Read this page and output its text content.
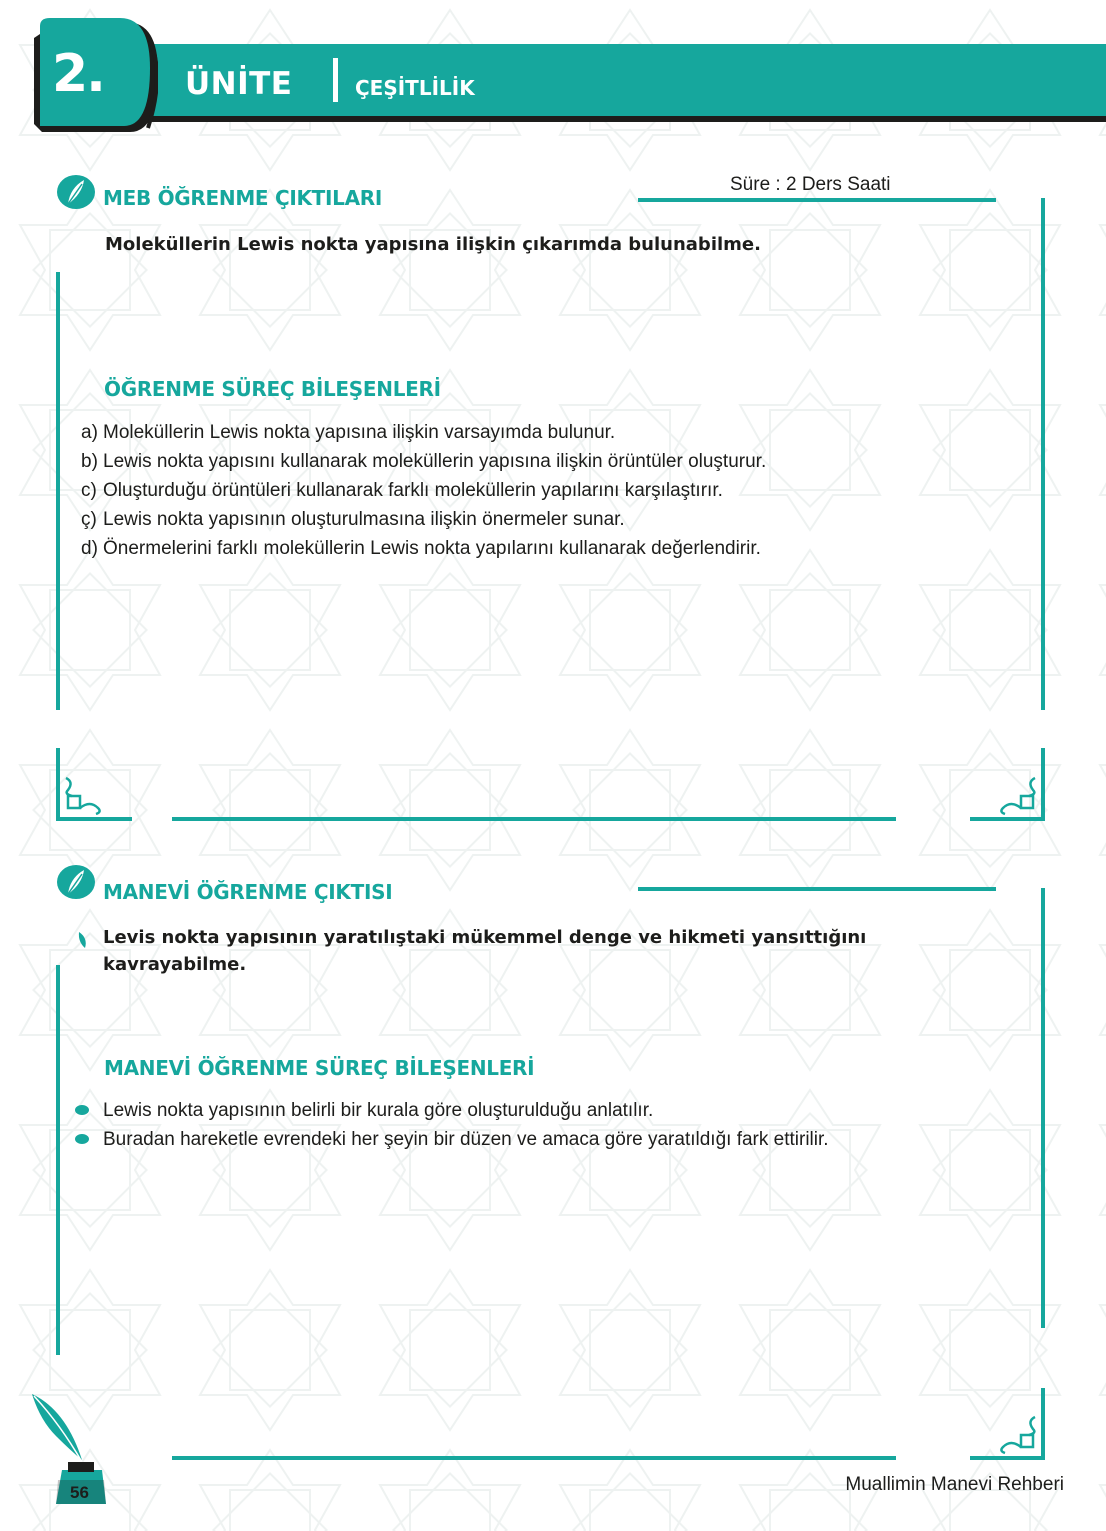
2.	ÜNİTE	ÇEŞİTLİLİK
MEB ÖĞRENME ÇIKTILARI
Süre : 2 Ders Saati
Moleküllerin Lewis nokta yapısına ilişkin çıkarımda bulunabilme.
ÖĞRENME SÜREÇ BİLEŞENLERİ
a) Moleküllerin Lewis nokta yapısına ilişkin varsayımda bulunur.
b) Lewis nokta yapısını kullanarak moleküllerin yapısına ilişkin örüntüler oluşturur.
c) Oluşturduğu örüntüleri kullanarak farklı moleküllerin yapılarını karşılaştırır.
ç) Lewis nokta yapısının oluşturulmasına ilişkin önermeler sunar.
d) Önermelerini farklı moleküllerin Lewis nokta yapılarını kullanarak değerlendirir.
MANEVİ ÖĞRENME ÇIKTISI
Levis nokta yapısının yaratılıştaki mükemmel denge ve hikmeti yansıttığını
kavrayabilme.
MANEVİ ÖĞRENME SÜREÇ BİLEŞENLERİ
Lewis nokta yapısının belirli bir kurala göre oluşturulduğu anlatılır.
Buradan hareketle evrendeki her şeyin bir düzen ve amaca göre yaratıldığı fark ettirilir.
56	Muallimin Manevi Rehberi
